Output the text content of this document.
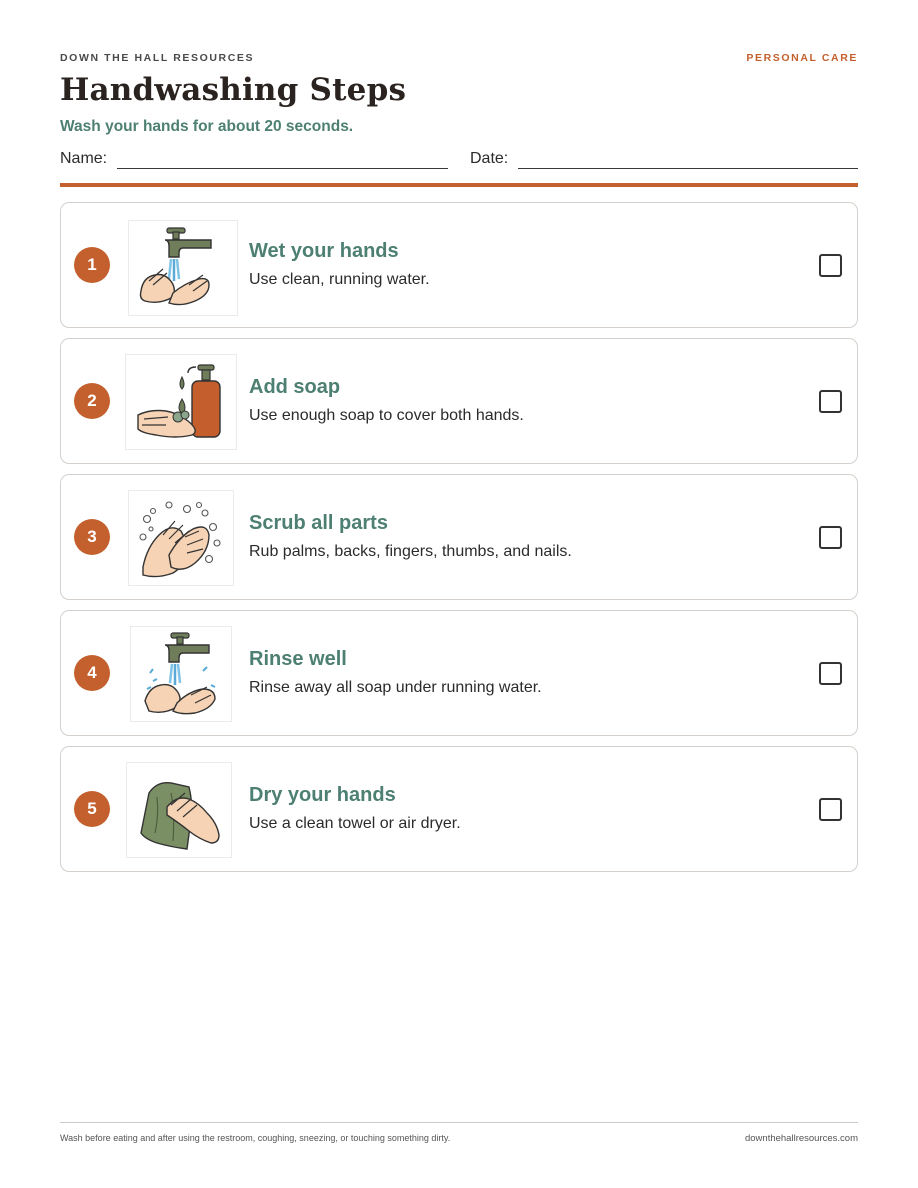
DOWN THE HALL RESOURCES	PERSONAL CARE
Handwashing Steps
Wash your hands for about 20 seconds.
Name:	Date:
1
Wet your hands
Use clean, running water.
2
Add soap
Use enough soap to cover both hands.
3
Scrub all parts
Rub palms, backs, fingers, thumbs, and nails.
4
Rinse well
Rinse away all soap under running water.
5
Dry your hands
Use a clean towel or air dryer.
Wash before eating and after using the restroom, coughing, sneezing, or touching something dirty.	downthehallresources.com
